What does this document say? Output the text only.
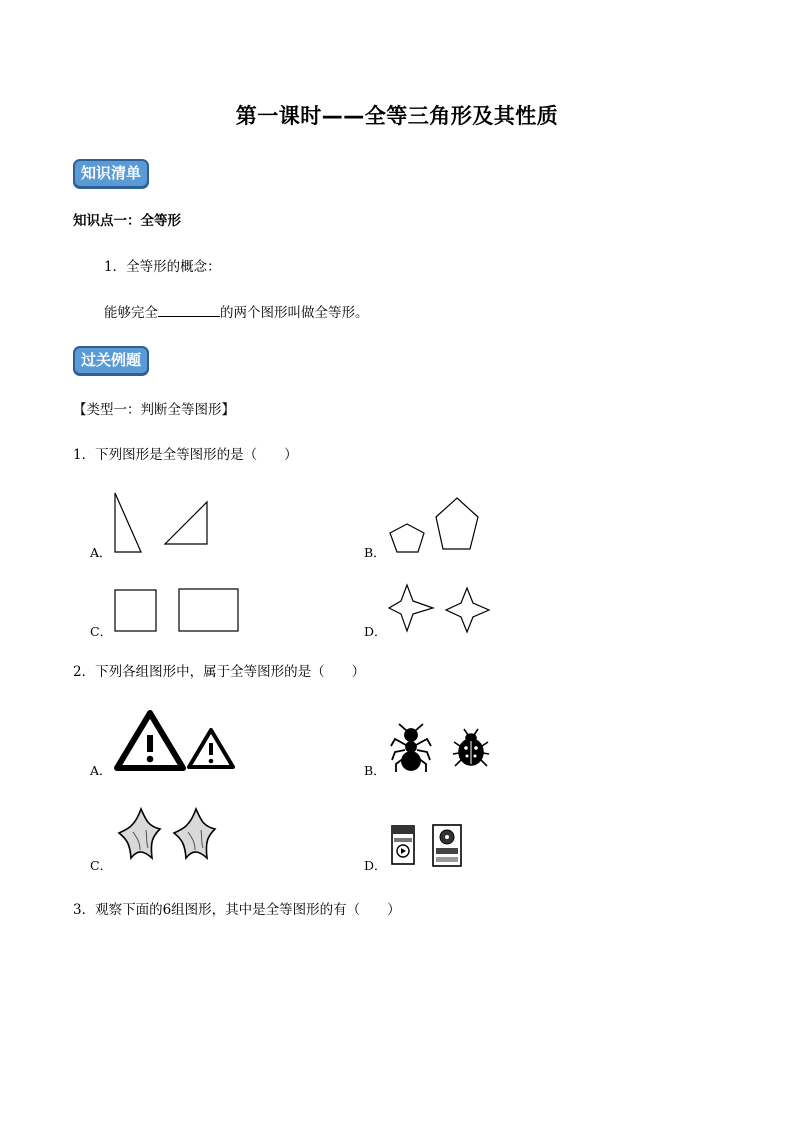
第一课时——全等三角形及其性质
知识清单
知识点一：全等形
1．全等形的概念：
能够完全	的两个图形叫做全等形。
过关例题
【类型一：判断全等图形】
1．下列图形是全等图形的是（　　）
A．	B．
C．	D．
2．下列各组图形中，属于全等图形的是（　　）
A．	B．
C．	D．
3．观察下面的6组图形，其中是全等图形的有（　　）
